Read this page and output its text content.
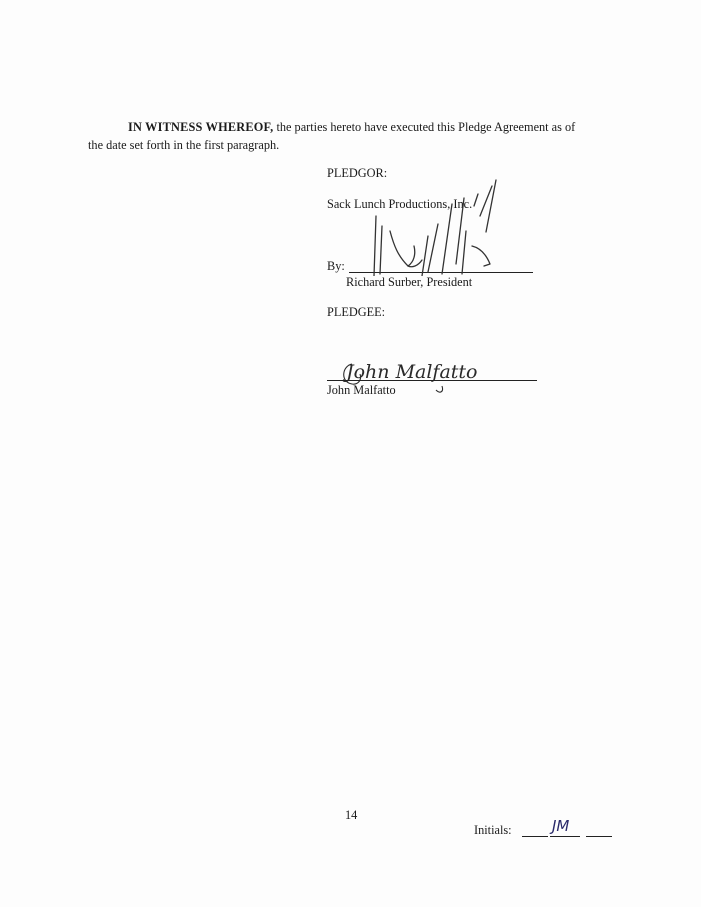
IN WITNESS WHEREOF, the parties hereto have executed this Pledge Agreement as of
the date set forth in the first paragraph.
PLEDGOR:
Sack Lunch Productions, Inc.
By:
Richard Surber, President
PLEDGEE:
John Malfatto
John Malfatto
14
Initials:	JM
